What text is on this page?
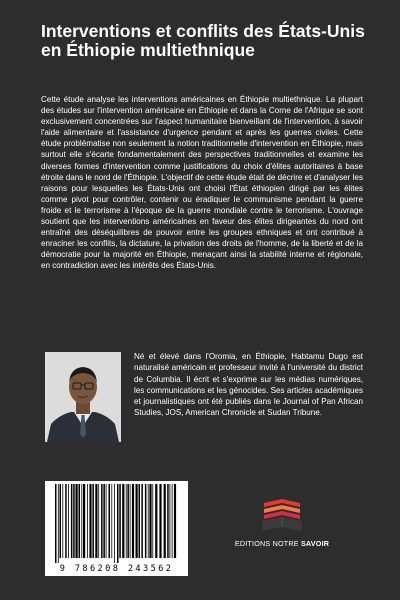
Interventions et conflits des États-Unis en Éthiopie multiethnique

Cette étude analyse les interventions américaines en Éthiopie multiethnique. La plupart des études sur l'intervention américaine en Éthiopie et dans la Corne de l'Afrique se sont exclusivement concentrées sur l'aspect humanitaire bienveillant de l'intervention, à savoir l'aide alimentaire et l'assistance d'urgence pendant et après les guerres civiles. Cette étude problématise non seulement la notion traditionnelle d'intervention en Éthiopie, mais surtout elle s'écarte fondamentalement des perspectives traditionnelles et examine les diverses formes d'intervention comme justifications du choix d'élites autoritaires à base étroite dans le nord de l'Éthiopie. L'objectif de cette étude était de décrire et d'analyser les raisons pour lesquelles les États-Unis ont choisi l'État éthiopien dirigé par les élites comme pivot pour contrôler, contenir ou éradiquer le communisme pendant la guerre froide et le terrorisme à l'époque de la guerre mondiale contre le terrorisme. L'ouvrage soutient que les interventions américaines en faveur des élites dirigeantes du nord ont entraîné des déséquilibres de pouvoir entre les groupes ethniques et ont contribué à enraciner les conflits, la dictature, la privation des droits de l'homme, de la liberté et de la démocratie pour la majorité en Éthiopie, menaçant ainsi la stabilité interne et régionale, en contradiction avec les intérêts des États-Unis.

Né et élevé dans l'Oromia, en Éthiopie, Habtamu Dugo est naturalisé américain et professeur invité à l'université du district de Columbia. Il écrit et s'exprime sur les médias numériques, les communications et les génocides. Ses articles académiques et journalistiques ont été publiés dans le Journal of Pan African Studies, JOS, American Chronicle et Sudan Tribune.

9 786208 243562
EDITIONS NOTRE SAVOIR
